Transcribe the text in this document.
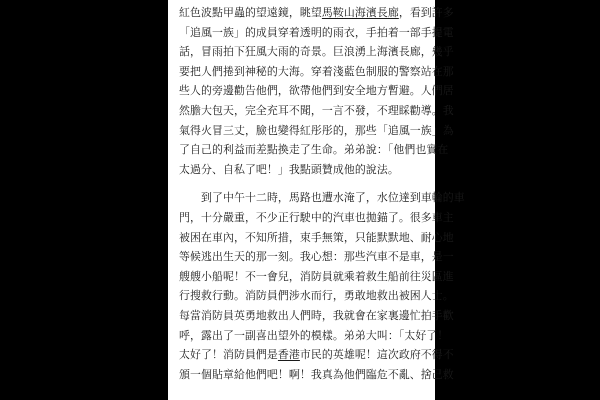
紅色波點甲蟲的望遠鏡，眺望馬鞍山海濱長廊，看到許多
「追風一族」的成員穿着透明的雨衣，手拍着一部手提電
話，冒雨拍下狂風大雨的奇景。巨浪湧上海濱長廊，幾乎
要把人們捲到神秘的大海。穿着淺藍色制服的警察站在那
些人的旁邊勸告他們，欲帶他們到安全地方暫避。人們居
然膽大包天，完全充耳不聞，一言不發，不理睬勸導。我
氣得火冒三丈，臉也變得紅彤彤的，那些「追風一族」為
了自己的利益而差點換走了生命。弟弟說：「他們也實在
太過分、自私了吧！」我點頭贊成他的說法。
到了中午十二時，馬路也遭水淹了，水位達到車輪的車
門，十分嚴重，不少正行駛中的汽車也拋錨了。很多車主
被困在車內，不知所措，束手無策，只能默默地、耐心地
等候逃出生天的那一刻。我心想：那些汽車不是車，是一
艘艘小船呢！不一會兒，消防員就乘着救生船前往災區進
行搜救行動。消防員們涉水而行，勇敢地救出被困人士。
每當消防員英勇地救出人們時，我就會在家裏邊忙拍手歡
呼，露出了一副喜出望外的模樣。弟弟大叫：「太好了！
太好了！消防員們是香港市民的英雄呢！這次政府不得不
頒一個貼章給他們吧！啊！我真為他們臨危不亂、捨己救
